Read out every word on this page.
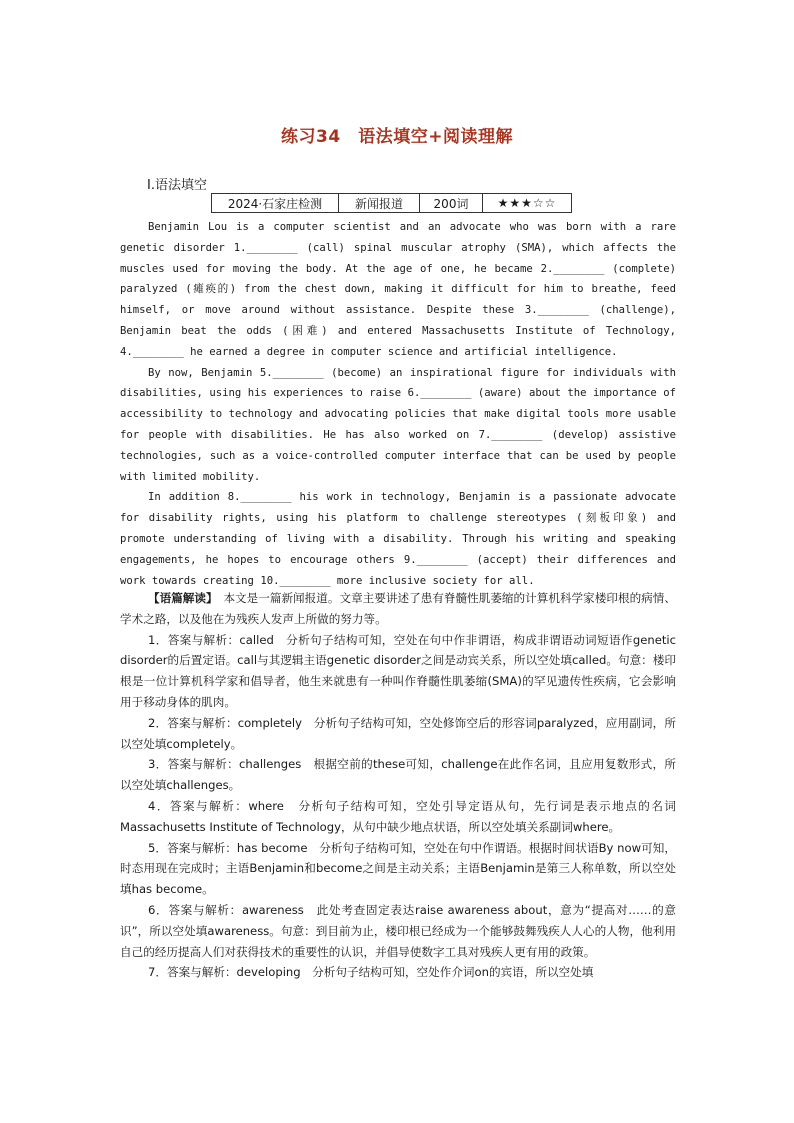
练习34　语法填空+阅读理解
Ⅰ.语法填空
2024·石家庄检测	新闻报道	200词	★★★☆☆

Benjamin Lou is a computer scientist and an advocate who was born with a rare genetic disorder 1.________ (call) spinal muscular atrophy (SMA), which affects the muscles used for moving the body. At the age of one, he became 2.________ (complete) paralyzed (瘫痪的) from the chest down, making it difficult for him to breathe, feed himself, or move around without assistance. Despite these 3.________ (challenge), Benjamin beat the odds (困难) and entered Massachusetts Institute of Technology, 4.________ he earned a degree in computer science and artificial intelligence.

By now, Benjamin 5.________ (become) an inspirational figure for individuals with disabilities, using his experiences to raise 6.________ (aware) about the importance of accessibility to technology and advocating policies that make digital tools more usable for people with disabilities. He has also worked on 7.________ (develop) assistive technologies, such as a voice-controlled computer interface that can be used by people with limited mobility.

In addition 8.________ his work in technology, Benjamin is a passionate advocate for disability rights, using his platform to challenge stereotypes (刻板印象) and promote understanding of living with a disability. Through his writing and speaking engagements, he hopes to encourage others 9.________ (accept) their differences and work towards creating 10.________ more inclusive society for all.

【语篇解读】　 本文是一篇新闻报道。文章主要讲述了患有脊髓性肌萎缩的计算机科学家楼印根的病情、学术之路，以及他在为残疾人发声上所做的努力等。

1．答案与解析：called　分析句子结构可知，空处在句中作非谓语，构成非谓语动词短语作genetic disorder的后置定语。call与其逻辑主语genetic disorder之间是动宾关系，所以空处填called。句意：楼印根是一位计算机科学家和倡导者，他生来就患有一种叫作脊髓性肌萎缩(SMA)的罕见遗传性疾病，它会影响用于移动身体的肌肉。

2．答案与解析：completely　分析句子结构可知，空处修饰空后的形容词paralyzed，应用副词，所以空处填completely。

3．答案与解析：challenges　根据空前的these可知，challenge在此作名词，且应用复数形式，所以空处填challenges。

4．答案与解析：where　分析句子结构可知，空处引导定语从句，先行词是表示地点的名词Massachusetts Institute of Technology，从句中缺少地点状语，所以空处填关系副词where。

5．答案与解析：has become　分析句子结构可知，空处在句中作谓语。根据时间状语By now可知，时态用现在完成时；主语Benjamin和become之间是主动关系；主语Benjamin是第三人称单数，所以空处填has become。

6．答案与解析：awareness　此处考查固定表达raise awareness about，意为“提高对……的意识”，所以空处填awareness。句意：到目前为止，楼印根已经成为一个能够鼓舞残疾人人心的人物，他利用自己的经历提高人们对获得技术的重要性的认识，并倡导使数字工具对残疾人更有用的政策。

7．答案与解析：developing　分析句子结构可知，空处作介词on的宾语，所以空处填
